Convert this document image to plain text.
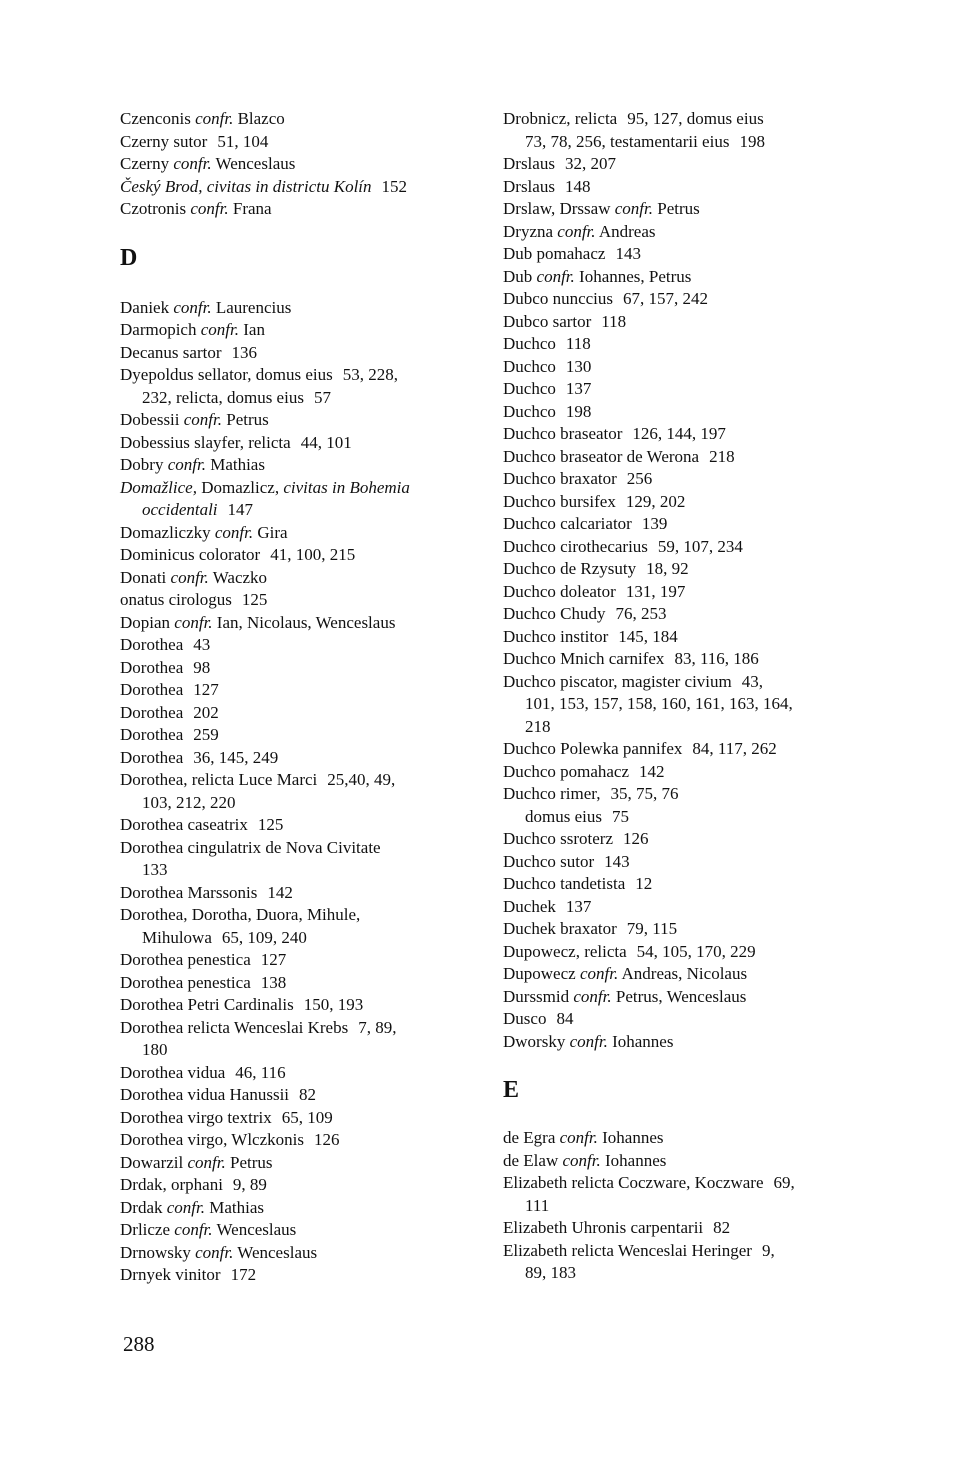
Czenconis confr. Blazco

Czerny sutor 51, 104

Czerny confr. Wenceslaus

Český Brod, civitas in districtu Kolín 152

Czotronis confr. Frana

D

Daniek confr. Laurencius

Darmopich confr. Ian

Decanus sartor 136

Dyepoldus sellator, domus eius 53, 228,
232, relicta, domus eius 57

Dobessii confr. Petrus

Dobessius slayfer, relicta 44, 101

Dobry confr. Mathias

Domažlice, Domazlicz, civitas in Bohemia
occidentali 147

Domazliczky confr. Gira

Dominicus colorator 41, 100, 215

Donati confr. Waczko

onatus cirologus 125

Dopian confr. Ian, Nicolaus, Wenceslaus

Dorothea 43

Dorothea 98

Dorothea 127

Dorothea 202

Dorothea 259

Dorothea 36, 145, 249

Dorothea, relicta Luce Marci 25,40, 49,
103, 212, 220

Dorothea caseatrix 125

Dorothea cingulatrix de Nova Civitate
133

Dorothea Marssonis 142

Dorothea, Dorotha, Duora, Mihule,
Mihulowa 65, 109, 240

Dorothea penestica 127

Dorothea penestica 138

Dorothea Petri Cardinalis 150, 193

Dorothea relicta Wenceslai Krebs 7, 89,
180

Dorothea vidua 46, 116

Dorothea vidua Hanussii 82

Dorothea virgo textrix 65, 109

Dorothea virgo, Wlczkonis 126

Dowarzil confr. Petrus

Drdak, orphani 9, 89

Drdak confr. Mathias

Drlicze confr. Wenceslaus

Drnowsky confr. Wenceslaus

Drnyek vinitor 172

Drobnicz, relicta 95, 127, domus eius
73, 78, 256, testamentarii eius 198

Drslaus 32, 207

Drslaus 148

Drslaw, Drssaw confr. Petrus

Dryzna confr. Andreas

Dub pomahacz 143

Dub confr. Iohannes, Petrus

Dubco nunccius 67, 157, 242

Dubco sartor 118

Duchco 118

Duchco 130

Duchco 137

Duchco 198

Duchco braseator 126, 144, 197

Duchco braseator de Werona 218

Duchco braxator 256

Duchco bursifex 129, 202

Duchco calcariator 139

Duchco cirothecarius 59, 107, 234

Duchco de Rzysuty 18, 92

Duchco doleator 131, 197

Duchco Chudy 76, 253

Duchco institor 145, 184

Duchco Mnich carnifex 83, 116, 186

Duchco piscator, magister civium 43,
101, 153, 157, 158, 160, 161, 163, 164,
218

Duchco Polewka pannifex 84, 117, 262

Duchco pomahacz 142

Duchco rimer, 35, 75, 76
domus eius 75

Duchco ssroterz 126

Duchco sutor 143

Duchco tandetista 12

Duchek 137

Duchek braxator 79, 115

Dupowecz, relicta 54, 105, 170, 229

Dupowecz confr. Andreas, Nicolaus

Durssmid confr. Petrus, Wenceslaus

Dusco 84

Dworsky confr. Iohannes

E

de Egra confr. Iohannes

de Elaw confr. Iohannes

Elizabeth relicta Coczware, Koczware 69,
111

Elizabeth Uhronis carpentarii 82

Elizabeth relicta Wenceslai Heringer 9,
89, 183

288
